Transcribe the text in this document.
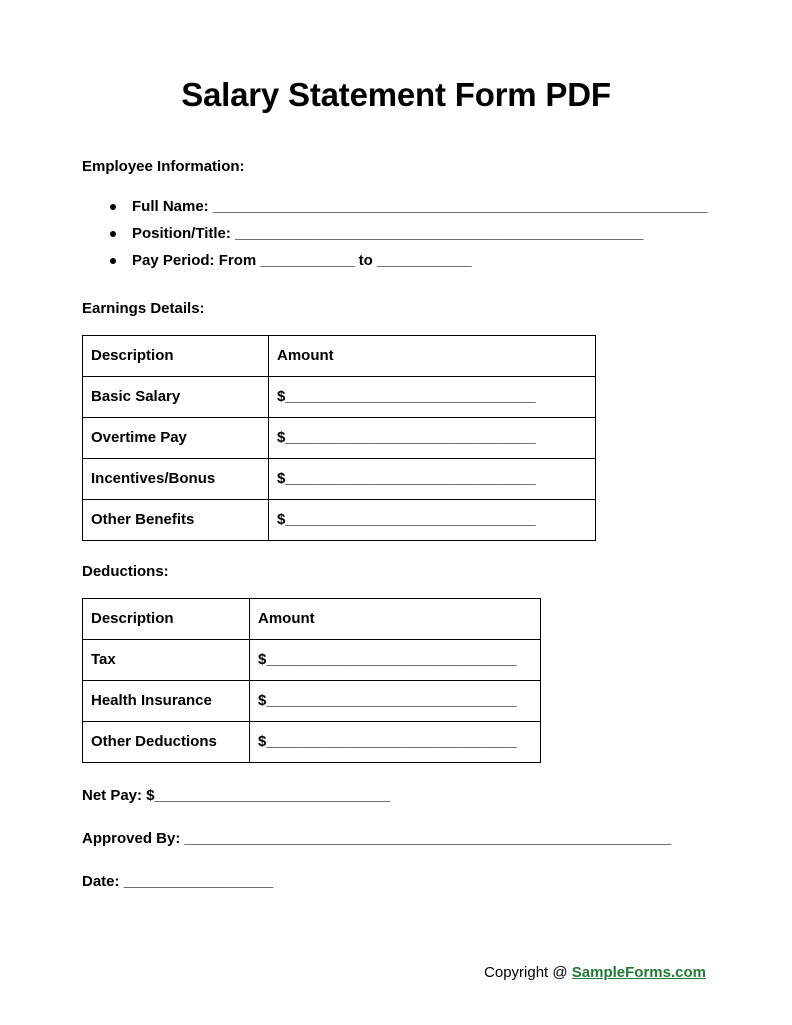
Salary Statement Form PDF

Employee Information:

Full Name: _______________________________________________________________
Position/Title: ____________________________________________________
Pay Period: From ____________ to ____________

Earnings Details:

Description	Amount
Basic Salary	$______________________________
Overtime Pay	$______________________________
Incentives/Bonus	$______________________________
Other Benefits	$______________________________

Deductions:

Description	Amount
Tax	$______________________________
Health Insurance	$______________________________
Other Deductions	$______________________________

Net Pay: $______________________________

Approved By: ______________________________________________________________

Date: ___________________

Copyright @ SampleForms.com
